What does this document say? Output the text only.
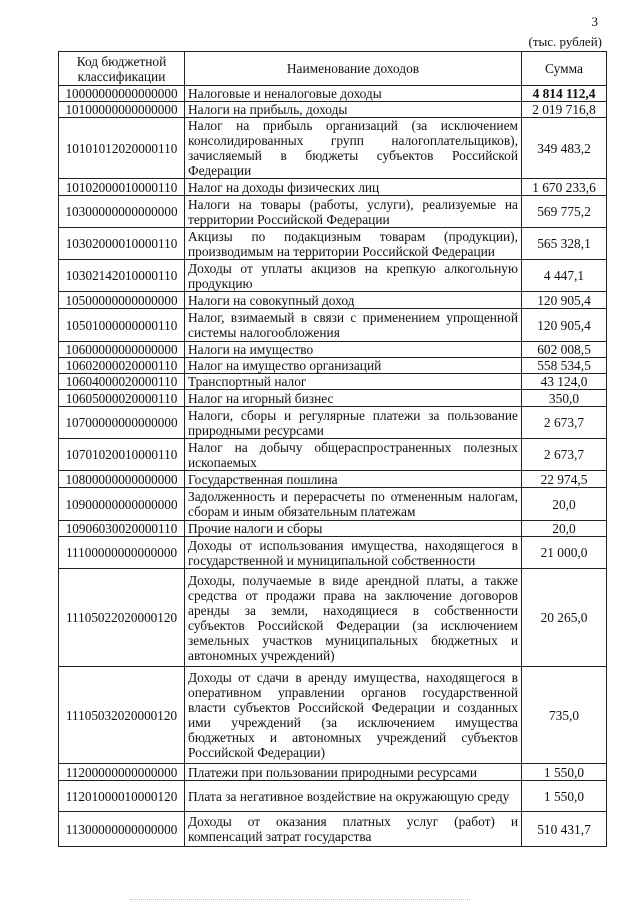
3
(тыс. рублей)
Код бюджетной классификации	Наименование доходов	Сумма
10000000000000000	Налоговые и неналоговые доходы	4 814 112,4
10100000000000000	Налоги на прибыль, доходы	2 019 716,8
10101012020000110	Налог на прибыль организаций (за исключением консолидированных групп налогоплательщиков), зачисляемый в бюджеты субъектов Российской Федерации	349 483,2
10102000010000110	Налог на доходы физических лиц	1 670 233,6
10300000000000000	Налоги на товары (работы, услуги), реализуемые на территории Российской Федерации	569 775,2
10302000010000110	Акцизы по подакцизным товарам (продукции), производимым на территории Российской Федерации	565 328,1
10302142010000110	Доходы от уплаты акцизов на крепкую алкогольную продукцию	4 447,1
10500000000000000	Налоги на совокупный доход	120 905,4
10501000000000110	Налог, взимаемый в связи с применением упрощенной системы налогообложения	120 905,4
10600000000000000	Налоги на имущество	602 008,5
10602000020000110	Налог на имущество организаций	558 534,5
10604000020000110	Транспортный налог	43 124,0
10605000020000110	Налог на игорный бизнес	350,0
10700000000000000	Налоги, сборы и регулярные платежи за пользование природными ресурсами	2 673,7
10701020010000110	Налог на добычу общераспространенных полезных ископаемых	2 673,7
10800000000000000	Государственная пошлина	22 974,5
10900000000000000	Задолженность и перерасчеты по отмененным налогам, сборам и иным обязательным платежам	20,0
10906030020000110	Прочие налоги и сборы	20,0
11100000000000000	Доходы от использования имущества, находящегося в государственной и муниципальной собственности	21 000,0
11105022020000120	Доходы, получаемые в виде арендной платы, а также средства от продажи права на заключение договоров аренды за земли, находящиеся в собственности субъектов Российской Федерации (за исключением земельных участков муниципальных бюджетных и автономных учреждений)	20 265,0
11105032020000120	Доходы от сдачи в аренду имущества, находящегося в оперативном управлении органов государственной власти субъектов Российской Федерации и созданных ими учреждений (за исключением имущества бюджетных и автономных учреждений субъектов Российской Федерации)	735,0
11200000000000000	Платежи при пользовании природными ресурсами	1 550,0
11201000010000120	Плата за негативное воздействие на окружающую среду	1 550,0
11300000000000000	Доходы от оказания платных услуг (работ) и компенсаций затрат государства	510 431,7
